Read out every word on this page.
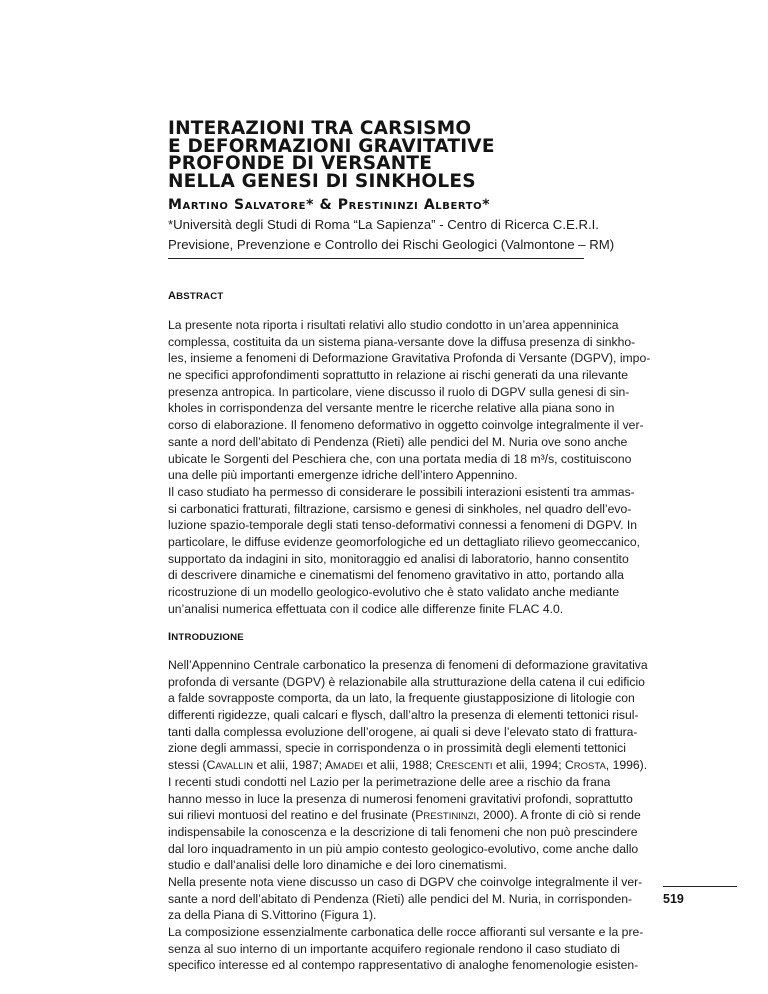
INTERAZIONI TRA CARSISMO
E DEFORMAZIONI GRAVITATIVE
PROFONDE DI VERSANTE
NELLA GENESI DI SINKHOLES
Martino Salvatore* & Prestininzi Alberto*
*Università degli Studi di Roma “La Sapienza” - Centro di Ricerca C.E.R.I.
Previsione, Prevenzione e Controllo dei Rischi Geologici (Valmontone – RM)
ABSTRACT
La presente nota riporta i risultati relativi allo studio condotto in un’area appenninica
complessa, costituita da un sistema piana-versante dove la diffusa presenza di sinkho-
les, insieme a fenomeni di Deformazione Gravitativa Profonda di Versante (DGPV), impo-
ne specifici approfondimenti soprattutto in relazione ai rischi generati da una rilevante
presenza antropica. In particolare, viene discusso il ruolo di DGPV sulla genesi di sin-
kholes in corrispondenza del versante mentre le ricerche relative alla piana sono in
corso di elaborazione. Il fenomeno deformativo in oggetto coinvolge integralmente il ver-
sante a nord dell’abitato di Pendenza (Rieti) alle pendici del M. Nuria ove sono anche
ubicate le Sorgenti del Peschiera che, con una portata media di 18 m³/s, costituiscono
una delle più importanti emergenze idriche dell’intero Appennino.
Il caso studiato ha permesso di considerare le possibili interazioni esistenti tra ammas-
si carbonatici fratturati, filtrazione, carsismo e genesi di sinkholes, nel quadro dell’evo-
luzione spazio-temporale degli stati tenso-deformativi connessi a fenomeni di DGPV. In
particolare, le diffuse evidenze geomorfologiche ed un dettagliato rilievo geomeccanico,
supportato da indagini in sito, monitoraggio ed analisi di laboratorio, hanno consentito
di descrivere dinamiche e cinematismi del fenomeno gravitativo in atto, portando alla
ricostruzione di un modello geologico-evolutivo che è stato validato anche mediante
un’analisi numerica effettuata con il codice alle differenze finite FLAC 4.0.
INTRODUZIONE
Nell’Appennino Centrale carbonatico la presenza di fenomeni di deformazione gravitativa
profonda di versante (DGPV) è relazionabile alla strutturazione della catena il cui edificio
a falde sovrapposte comporta, da un lato, la frequente giustapposizione di litologie con
differenti rigidezze, quali calcari e flysch, dall’altro la presenza di elementi tettonici risul-
tanti dalla complessa evoluzione dell’orogene, ai quali si deve l’elevato stato di frattura-
zione degli ammassi, specie in corrispondenza o in prossimità degli elementi tettonici
stessi (CAVALLIN et alii, 1987; AMADEI et alii, 1988; CRESCENTI et alii, 1994; CROSTA, 1996).
I recenti studi condotti nel Lazio per la perimetrazione delle aree a rischio da frana
hanno messo in luce la presenza di numerosi fenomeni gravitativi profondi, soprattutto
sui rilievi montuosi del reatino e del frusinate (PRESTININZI, 2000). A fronte di ciò si rende
indispensabile la conoscenza e la descrizione di tali fenomeni che non può prescindere
dal loro inquadramento in un più ampio contesto geologico-evolutivo, come anche dallo
studio e dall’analisi delle loro dinamiche e dei loro cinematismi.
Nella presente nota viene discusso un caso di DGPV che coinvolge integralmente il ver-
sante a nord dell’abitato di Pendenza (Rieti) alle pendici del M. Nuria, in corrisponden-
za della Piana di S.Vittorino (Figura 1).
La composizione essenzialmente carbonatica delle rocce affioranti sul versante e la pre-
senza al suo interno di un importante acquifero regionale rendono il caso studiato di
specifico interesse ed al contempo rappresentativo di analoghe fenomenologie esisten-
519
